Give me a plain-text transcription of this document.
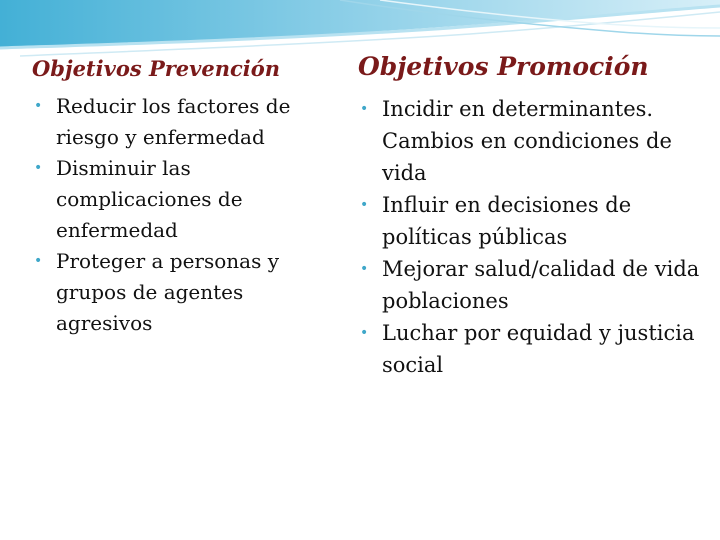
Objetivos Prevención
• Reducir los factores de riesgo y enfermedad
• Disminuir las complicaciones de enfermedad
• Proteger a personas y grupos de agentes agresivos
Objetivos Promoción
• Incidir en determinantes. Cambios en condiciones de vida
• Influir en decisiones de políticas públicas
• Mejorar salud/calidad de vida poblaciones
• Luchar por equidad y justicia social
